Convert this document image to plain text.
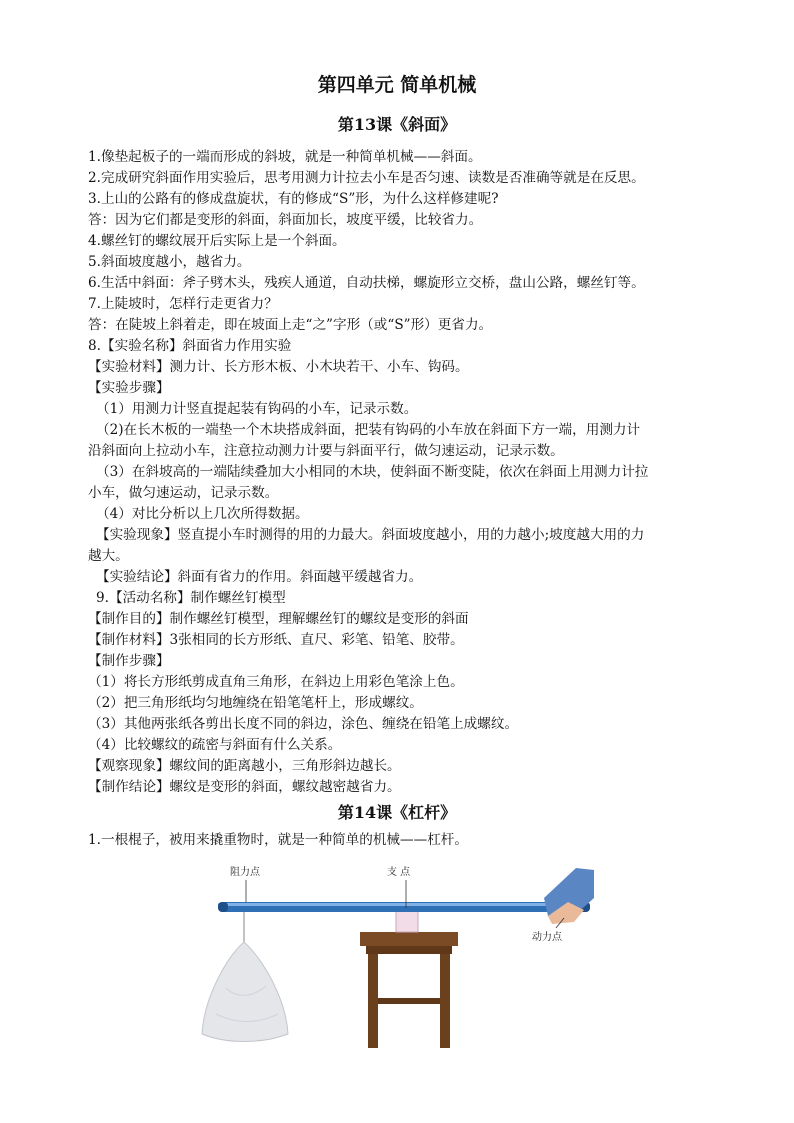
第四单元 简单机械
第13课《斜面》
1.像垫起板子的一端而形成的斜坡，就是一种简单机械——斜面。
2.完成研究斜面作用实验后，思考用测力计拉去小车是否匀速、读数是否准确等就是在反思。
3.上山的公路有的修成盘旋状，有的修成“S”形，为什么这样修建呢?
答：因为它们都是变形的斜面，斜面加长，坡度平缓，比较省力。
4.螺丝钉的螺纹展开后实际上是一个斜面。
5.斜面坡度越小，越省力。
6.生活中斜面：斧子劈木头，残疾人通道，自动扶梯，螺旋形立交桥，盘山公路，螺丝钉等。
7.上陡坡时，怎样行走更省力？
答：在陡坡上斜着走，即在坡面上走“之”字形（或“S”形）更省力。
8.【实验名称】斜面省力作用实验
【实验材料】测力计、长方形木板、小木块若干、小车、钩码。
【实验步骤】
（1）用测力计竖直提起装有钩码的小车，记录示数。
（2)在长木板的一端垫一个木块搭成斜面，把装有钩码的小车放在斜面下方一端，用测力计
沿斜面向上拉动小车，注意拉动测力计要与斜面平行，做匀速运动，记录示数。
（3）在斜坡高的一端陆续叠加大小相同的木块，使斜面不断变陡，依次在斜面上用测力计拉
小车，做匀速运动，记录示数。
（4）对比分析以上几次所得数据。
【实验现象】竖直提小车时测得的用的力最大。斜面坡度越小，用的力越小;坡度越大用的力
越大。
【实验结论】斜面有省力的作用。斜面越平缓越省力。
9.【活动名称】制作螺丝钉模型
【制作目的】制作螺丝钉模型，理解螺丝钉的螺纹是变形的斜面
【制作材料】3张相同的长方形纸、直尺、彩笔、铅笔、胶带。
【制作步骤】
（1）将长方形纸剪成直角三角形，在斜边上用彩色笔涂上色。
（2）把三角形纸均匀地缠绕在铅笔笔杆上，形成螺纹。
（3）其他两张纸各剪出长度不同的斜边，涂色、缠绕在铅笔上成螺纹。
（4）比较螺纹的疏密与斜面有什么关系。
【观察现象】螺纹间的距离越小，三角形斜边越长。
【制作结论】螺纹是变形的斜面，螺纹越密越省力。
第14课《杠杆》
1.一根棍子，被用来撬重物时，就是一种简单的机械——杠杆。
阻力点	支 点
动力点
